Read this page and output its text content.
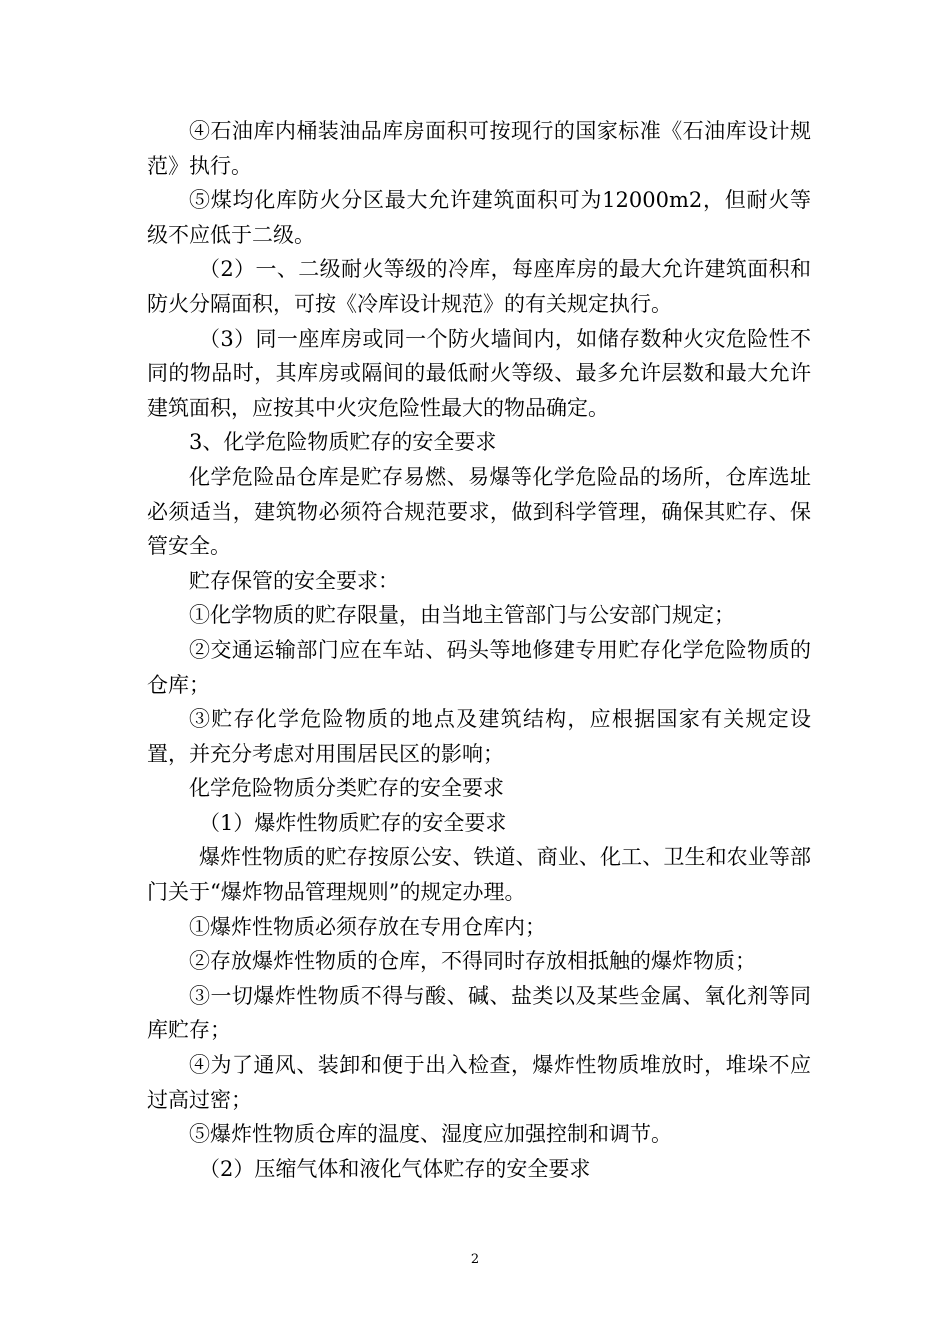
④石油库内桶装油品库房面积可按现行的国家标准《石油库设计规范》执行。

⑤煤均化库防火分区最大允许建筑面积可为12000m2，但耐火等级不应低于二级。

（2）一、二级耐火等级的冷库，每座库房的最大允许建筑面积和防火分隔面积，可按《冷库设计规范》的有关规定执行。

（3）同一座库房或同一个防火墙间内，如储存数种火灾危险性不同的物品时，其库房或隔间的最低耐火等级、最多允许层数和最大允许建筑面积，应按其中火灾危险性最大的物品确定。

3、化学危险物质贮存的安全要求

化学危险品仓库是贮存易燃、易爆等化学危险品的场所，仓库选址必须适当，建筑物必须符合规范要求，做到科学管理，确保其贮存、保管安全。

贮存保管的安全要求：

①化学物质的贮存限量，由当地主管部门与公安部门规定；

②交通运输部门应在车站、码头等地修建专用贮存化学危险物质的仓库；

③贮存化学危险物质的地点及建筑结构，应根据国家有关规定设置，并充分考虑对用围居民区的影响；

化学危险物质分类贮存的安全要求

（1）爆炸性物质贮存的安全要求

爆炸性物质的贮存按原公安、铁道、商业、化工、卫生和农业等部门关于“爆炸物品管理规则”的规定办理。

①爆炸性物质必须存放在专用仓库内；

②存放爆炸性物质的仓库，不得同时存放相抵触的爆炸物质；

③一切爆炸性物质不得与酸、碱、盐类以及某些金属、氧化剂等同库贮存；

④为了通风、装卸和便于出入检查，爆炸性物质堆放时，堆垛不应过高过密；

⑤爆炸性物质仓库的温度、湿度应加强控制和调节。

（2）压缩气体和液化气体贮存的安全要求

2
